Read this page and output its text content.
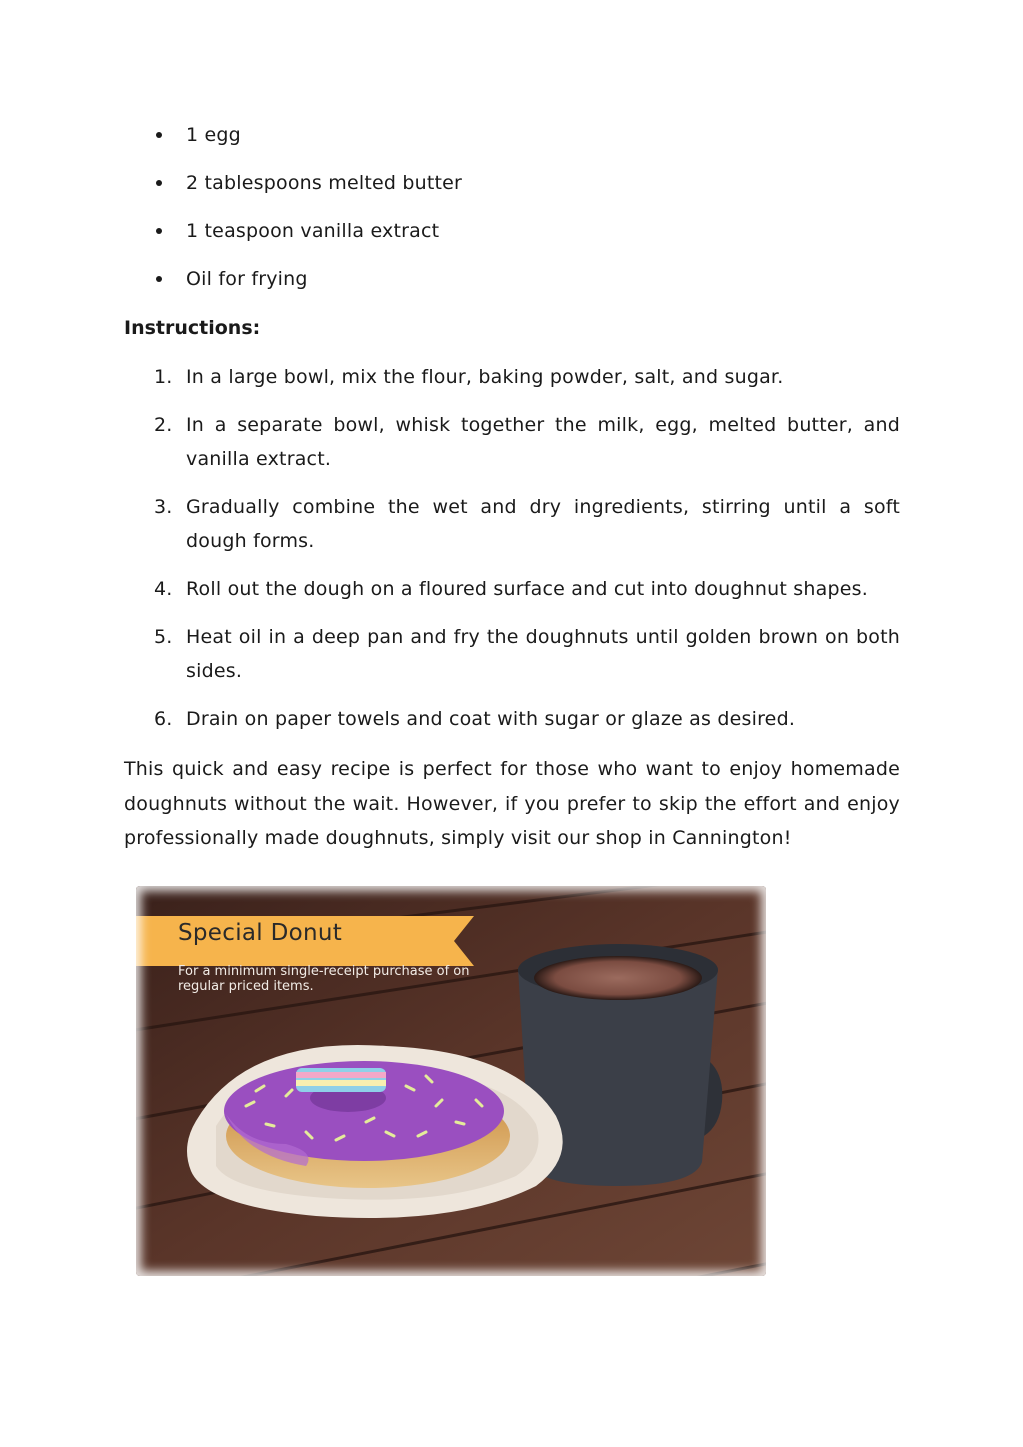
1 egg
2 tablespoons melted butter
1 teaspoon vanilla extract
Oil for frying
Instructions:
1. In a large bowl, mix the flour, baking powder, salt, and sugar.
2. In a separate bowl, whisk together the milk, egg, melted butter, and vanilla extract.
3. Gradually combine the wet and dry ingredients, stirring until a soft dough forms.
4. Roll out the dough on a floured surface and cut into doughnut shapes.
5. Heat oil in a deep pan and fry the doughnuts until golden brown on both sides.
6. Drain on paper towels and coat with sugar or glaze as desired.

This quick and easy recipe is perfect for those who want to enjoy homemade doughnuts without the wait. However, if you prefer to skip the effort and enjoy professionally made doughnuts, simply visit our shop in Cannington!

Special Donut
For a minimum single-receipt purchase of on regular priced items.
